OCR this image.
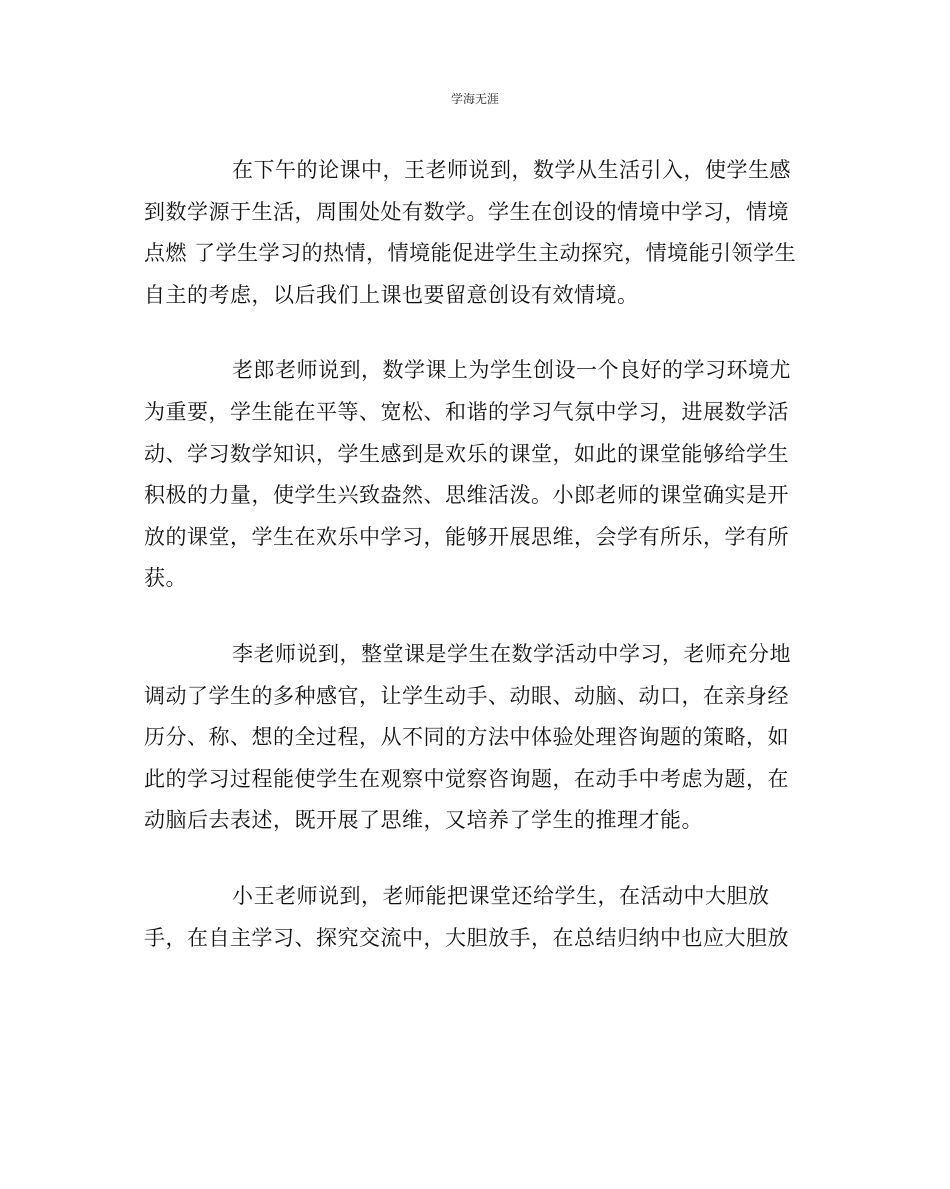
学海无涯
在下午的论课中，王老师说到，数学从生活引入，使学生感
到数学源于生活，周围处处有数学。学生在创设的情境中学习，情境
点燃 了学生学习的热情，情境能促进学生主动探究，情境能引领学生
自主的考虑，以后我们上课也要留意创设有效情境。
老郎老师说到，数学课上为学生创设一个良好的学习环境尤
为重要，学生能在平等、宽松、和谐的学习气氛中学习，进展数学活
动、学习数学知识，学生感到是欢乐的课堂，如此的课堂能够给学生
积极的力量，使学生兴致盎然、思维活泼。小郎老师的课堂确实是开
放的课堂，学生在欢乐中学习，能够开展思维，会学有所乐，学有所
获。
李老师说到，整堂课是学生在数学活动中学习，老师充分地
调动了学生的多种感官，让学生动手、动眼、动脑、动口，在亲身经
历分、称、想的全过程，从不同的方法中体验处理咨询题的策略，如
此的学习过程能使学生在观察中觉察咨询题，在动手中考虑为题，在
动脑后去表述，既开展了思维，又培养了学生的推理才能。
小王老师说到，老师能把课堂还给学生，在活动中大胆放
手，在自主学习、探究交流中，大胆放手，在总结归纳中也应大胆放
